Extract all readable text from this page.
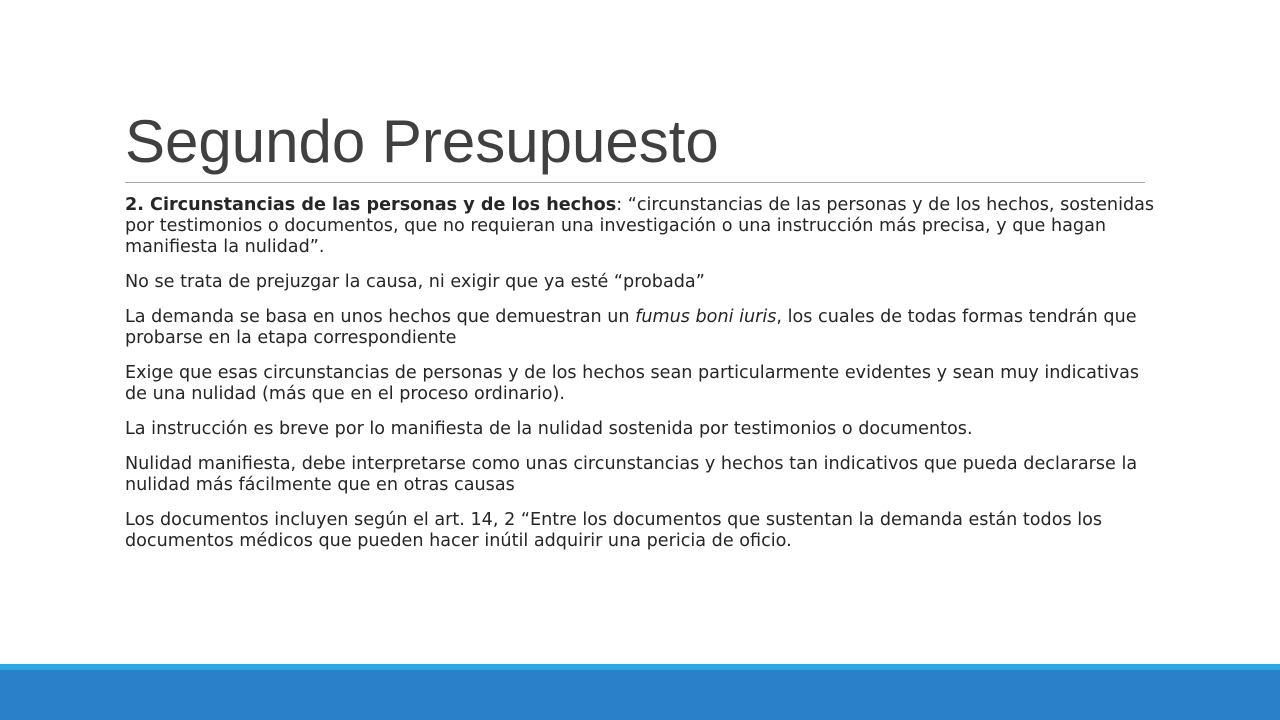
Segundo Presupuesto

2. Circunstancias de las personas y de los hechos: “circunstancias de las personas y de los hechos, sostenidas por testimonios o documentos, que no requieran una investigación o una instrucción más precisa, y que hagan manifiesta la nulidad”.

No se trata de prejuzgar la causa, ni exigir que ya esté “probada”

La demanda se basa en unos hechos que demuestran un fumus boni iuris, los cuales de todas formas tendrán que probarse en la etapa correspondiente

Exige que esas circunstancias de personas y de los hechos sean particularmente evidentes y sean muy indicativas de una nulidad (más que en el proceso ordinario).

La instrucción es breve por lo manifiesta de la nulidad sostenida por testimonios o documentos.

Nulidad manifiesta, debe interpretarse como unas circunstancias y hechos tan indicativos que pueda declararse la nulidad más fácilmente que en otras causas

Los documentos incluyen según el art. 14, 2 “Entre los documentos que sustentan la demanda están todos los documentos médicos que pueden hacer inútil adquirir una pericia de oficio.
